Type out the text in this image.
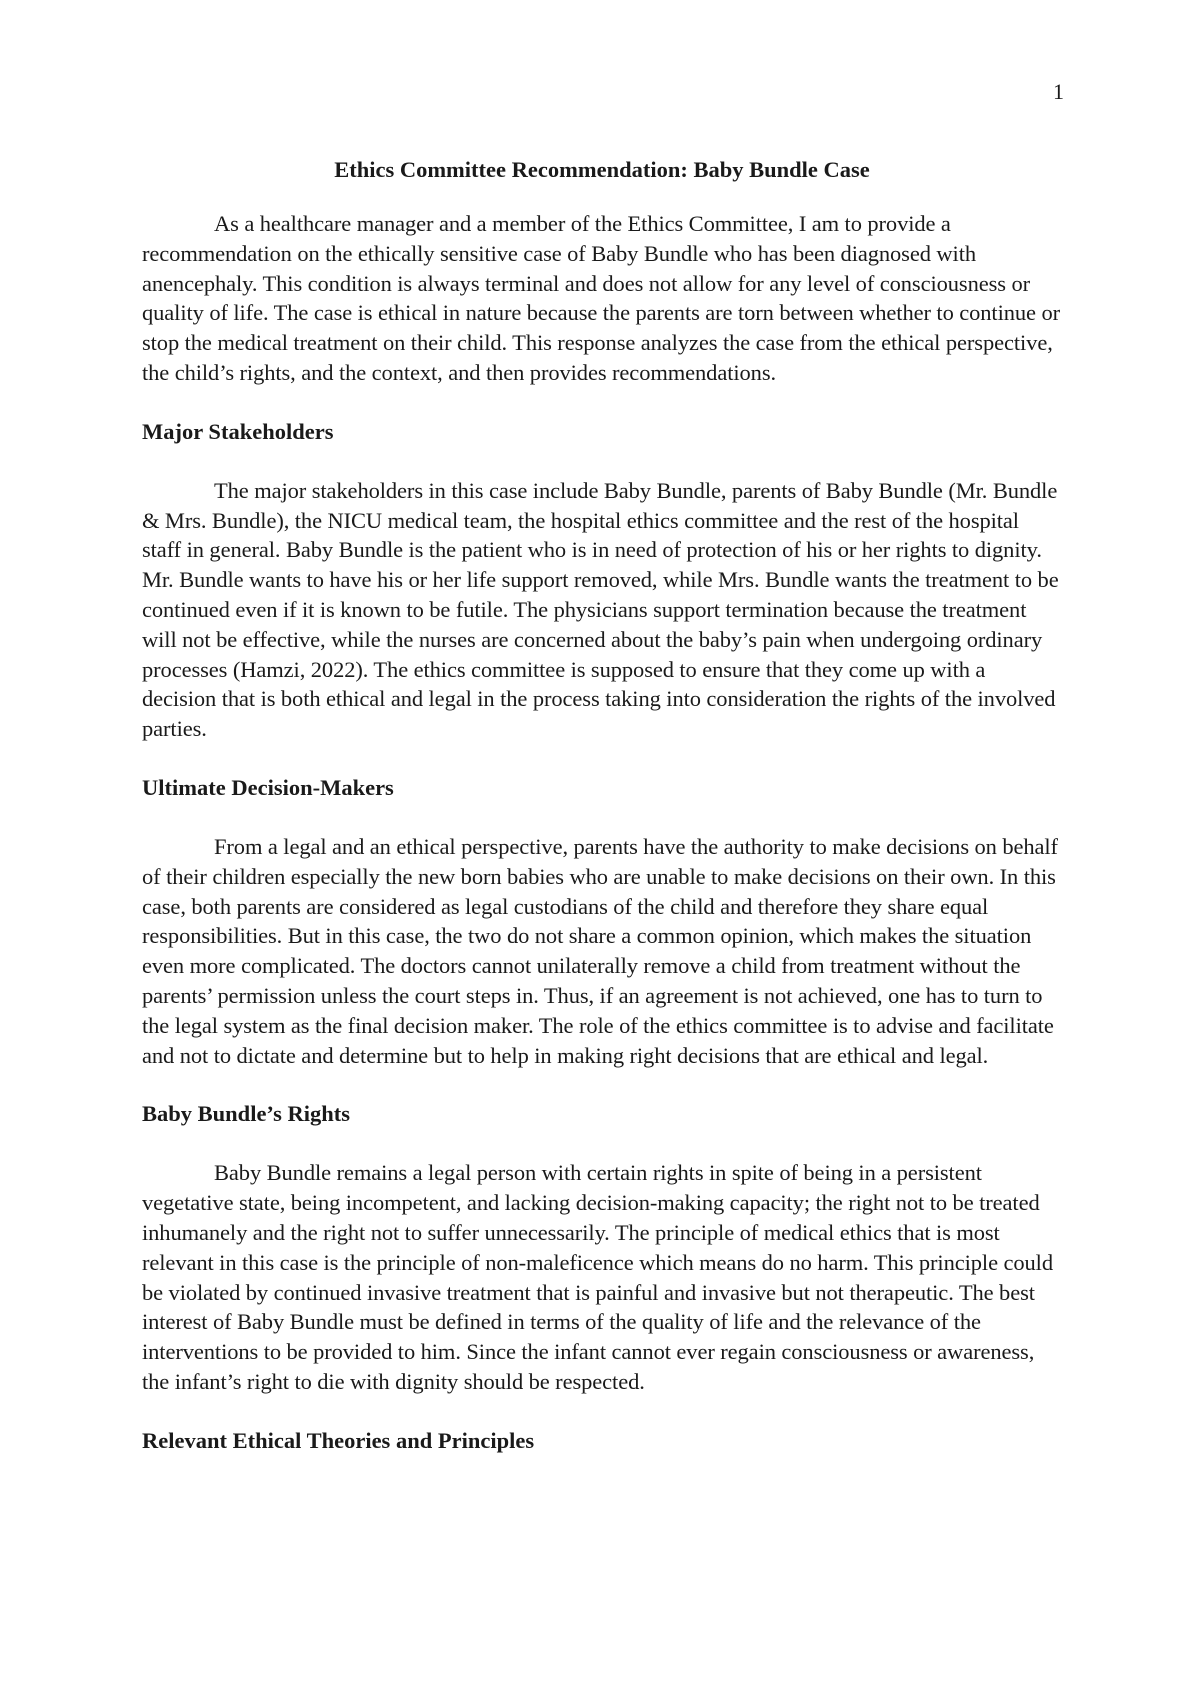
1
Ethics Committee Recommendation: Baby Bundle Case

As a healthcare manager and a member of the Ethics Committee, I am to provide a recommendation on the ethically sensitive case of Baby Bundle who has been diagnosed with anencephaly. This condition is always terminal and does not allow for any level of consciousness or quality of life. The case is ethical in nature because the parents are torn between whether to continue or stop the medical treatment on their child. This response analyzes the case from the ethical perspective, the child’s rights, and the context, and then provides recommendations.

Major Stakeholders

The major stakeholders in this case include Baby Bundle, parents of Baby Bundle (Mr. Bundle & Mrs. Bundle), the NICU medical team, the hospital ethics committee and the rest of the hospital staff in general. Baby Bundle is the patient who is in need of protection of his or her rights to dignity. Mr. Bundle wants to have his or her life support removed, while Mrs. Bundle wants the treatment to be continued even if it is known to be futile. The physicians support termination because the treatment will not be effective, while the nurses are concerned about the baby’s pain when undergoing ordinary processes (Hamzi, 2022). The ethics committee is supposed to ensure that they come up with a decision that is both ethical and legal in the process taking into consideration the rights of the involved parties.

Ultimate Decision-Makers

From a legal and an ethical perspective, parents have the authority to make decisions on behalf of their children especially the new born babies who are unable to make decisions on their own. In this case, both parents are considered as legal custodians of the child and therefore they share equal responsibilities. But in this case, the two do not share a common opinion, which makes the situation even more complicated. The doctors cannot unilaterally remove a child from treatment without the parents’ permission unless the court steps in. Thus, if an agreement is not achieved, one has to turn to the legal system as the final decision maker. The role of the ethics committee is to advise and facilitate and not to dictate and determine but to help in making right decisions that are ethical and legal.

Baby Bundle’s Rights

Baby Bundle remains a legal person with certain rights in spite of being in a persistent vegetative state, being incompetent, and lacking decision-making capacity; the right not to be treated inhumanely and the right not to suffer unnecessarily. The principle of medical ethics that is most relevant in this case is the principle of non-maleficence which means do no harm. This principle could be violated by continued invasive treatment that is painful and invasive but not therapeutic. The best interest of Baby Bundle must be defined in terms of the quality of life and the relevance of the interventions to be provided to him. Since the infant cannot ever regain consciousness or awareness, the infant’s right to die with dignity should be respected.

Relevant Ethical Theories and Principles
